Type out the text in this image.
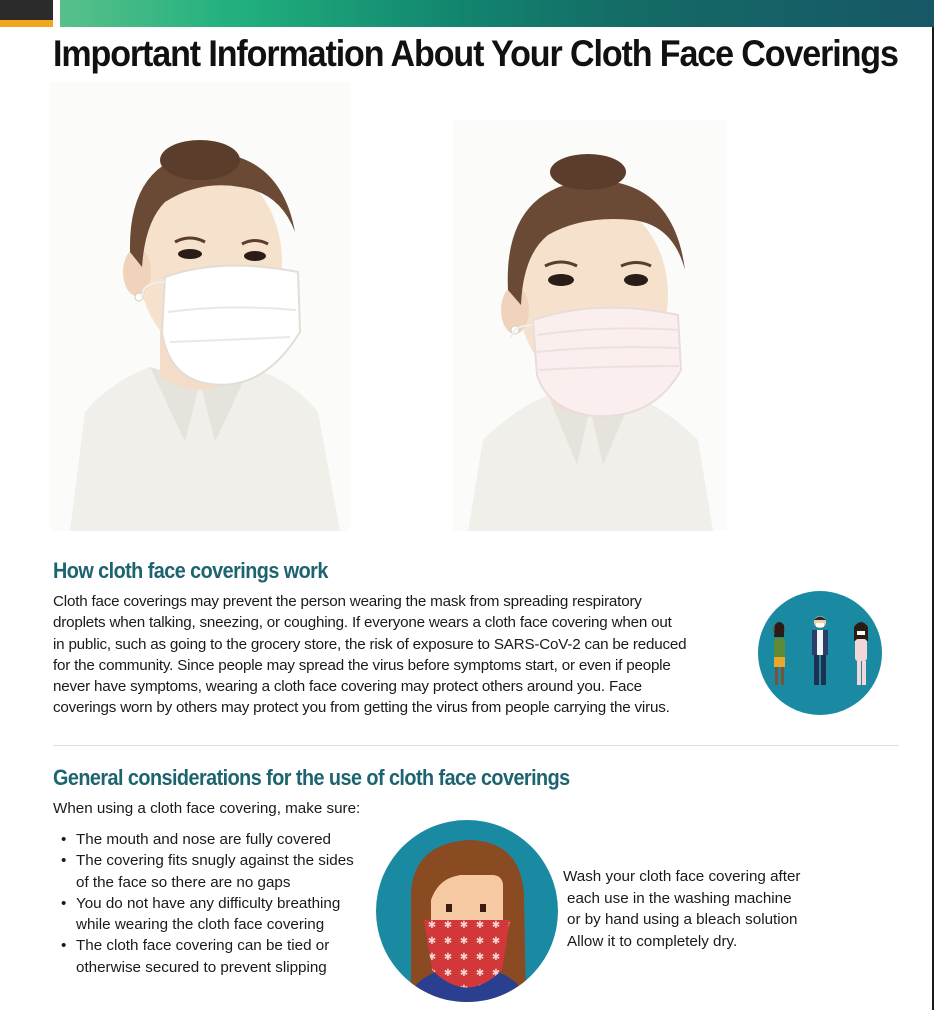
Important Information About Your Cloth Face Coverings
How cloth face coverings work
Cloth face coverings may prevent the person wearing the mask from spreading respiratory
droplets when talking, sneezing, or coughing. If everyone wears a cloth face covering when out
in public, such as going to the grocery store, the risk of exposure to SARS-CoV-2 can be reduced
for the community. Since people may spread the virus before symptoms start, or even if people
never have symptoms, wearing a cloth face covering may protect others around you. Face
coverings worn by others may protect you from getting the virus from people carrying the virus.
General considerations for the use of cloth face coverings
When using a cloth face covering, make sure:
• The mouth and nose are fully covered
• The covering fits snugly against the sides
of the face so there are no gaps
• You do not have any difficulty breathing
while wearing the cloth face covering
• The cloth face covering can be tied or
otherwise secured to prevent slipping
Wash your cloth face covering after
each use in the washing machine
or by hand using a bleach solution
Allow it to completely dry.
